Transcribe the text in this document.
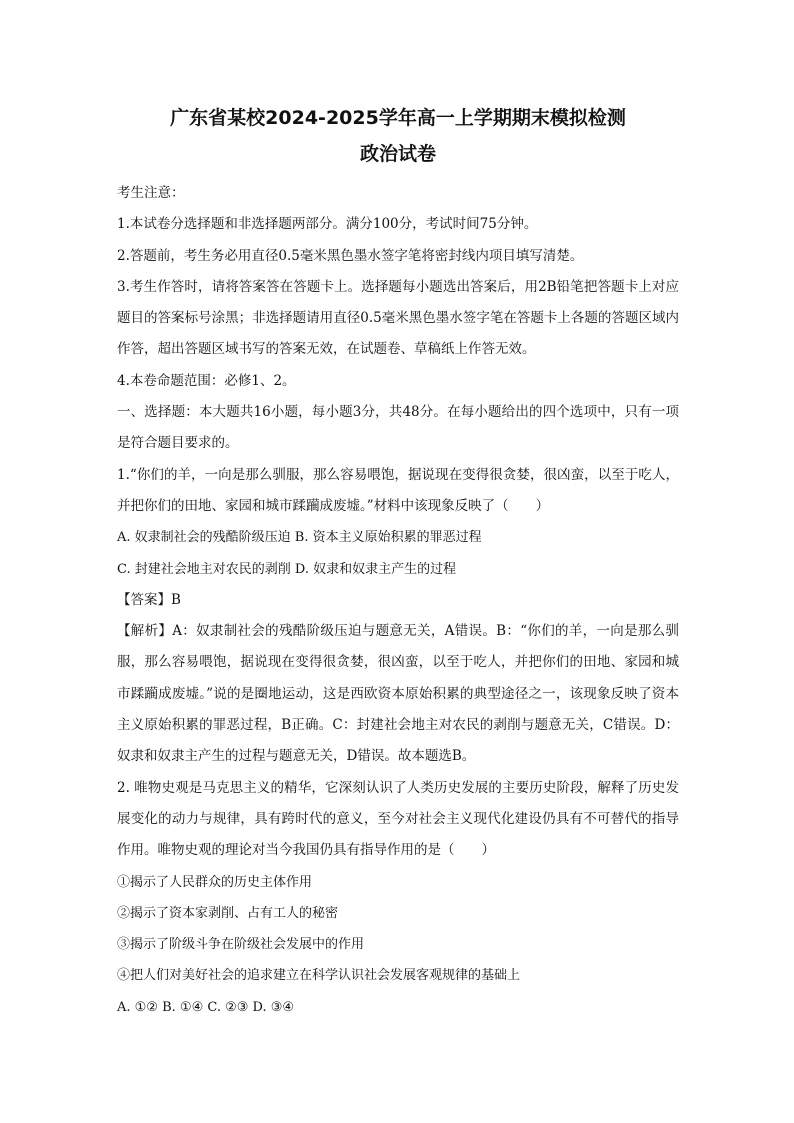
广东省某校2024-2025学年高一上学期期末模拟检测
政治试卷

考生注意：

1.本试卷分选择题和非选择题两部分。满分100分，考试时间75分钟。

2.答题前，考生务必用直径0.5毫米黑色墨水签字笔将密封线内项目填写清楚。

3.考生作答时，请将答案答在答题卡上。选择题每小题选出答案后，用2B铅笔把答题卡上对应题目的答案标号涂黑；非选择题请用直径0.5毫米黑色墨水签字笔在答题卡上各题的答题区域内作答，超出答题区域书写的答案无效，在试题卷、草稿纸上作答无效。

4.本卷命题范围：必修1、2。

一、选择题：本大题共16小题，每小题3分，共48分。在每小题给出的四个选项中，只有一项是符合题目要求的。

1.“你们的羊，一向是那么驯服，那么容易喂饱，据说现在变得很贪婪，很凶蛮，以至于吃人，并把你们的田地、家园和城市蹂躏成废墟。”材料中该现象反映了（　　）

A. 奴隶制社会的残酷阶级压迫 B. 资本主义原始积累的罪恶过程

C. 封建社会地主对农民的剥削 D. 奴隶和奴隶主产生的过程

【答案】B

【解析】A：奴隶制社会的残酷阶级压迫与题意无关，A错误。B：“你们的羊，一向是那么驯服，那么容易喂饱，据说现在变得很贪婪，很凶蛮，以至于吃人，并把你们的田地、家园和城市蹂躏成废墟。”说的是圈地运动，这是西欧资本原始积累的典型途径之一，该现象反映了资本主义原始积累的罪恶过程，B正确。C：封建社会地主对农民的剥削与题意无关，C错误。D：奴隶和奴隶主产生的过程与题意无关，D错误。故本题选B。

2. 唯物史观是马克思主义的精华，它深刻认识了人类历史发展的主要历史阶段，解释了历史发展变化的动力与规律，具有跨时代的意义，至今对社会主义现代化建设仍具有不可替代的指导作用。唯物史观的理论对当今我国仍具有指导作用的是（　　）

①揭示了人民群众的历史主体作用

②揭示了资本家剥削、占有工人的秘密

③揭示了阶级斗争在阶级社会发展中的作用

④把人们对美好社会的追求建立在科学认识社会发展客观规律的基础上

A. ①② B. ①④ C. ②③ D. ③④
